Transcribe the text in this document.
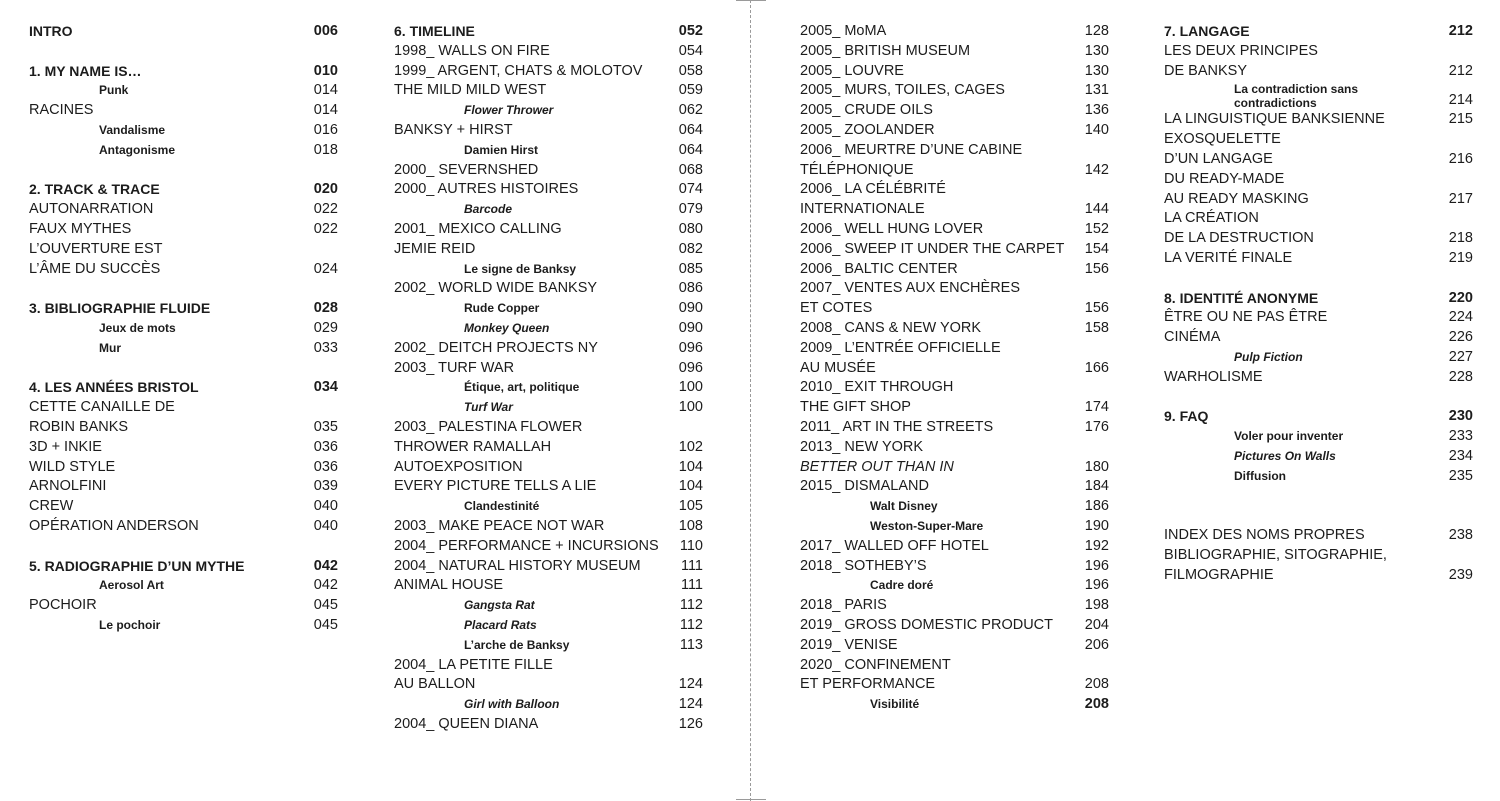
INTRO	006
1. MY NAME IS…	010
Punk	014
RACINES	014
Vandalisme	016
Antagonisme	018
2. TRACK & TRACE	020
AUTONARRATION	022
FAUX MYTHES	022
L’OUVERTURE EST
L’ÂME DU SUCCÈS	024
3. BIBLIOGRAPHIE FLUIDE	028
Jeux de mots	029
Mur	033
4. LES ANNÉES BRISTOL	034
CETTE CANAILLE DE
ROBIN BANKS	035
3D + INKIE	036
WILD STYLE	036
ARNOLFINI	039
CREW	040
OPÉRATION ANDERSON	040
5. RADIOGRAPHIE D’UN MYTHE	042
Aerosol Art	042
POCHOIR	045
Le pochoir	045
6. TIMELINE	052
1998_ WALLS ON FIRE	054
1999_ ARGENT, CHATS & MOLOTOV	058
THE MILD MILD WEST	059
Flower Thrower	062
BANKSY + HIRST	064
Damien Hirst	064
2000_ SEVERNSHED	068
2000_ AUTRES HISTOIRES	074
Barcode	079
2001_ MEXICO CALLING	080
JEMIE REID	082
Le signe de Banksy	085
2002_ WORLD WIDE BANKSY	086
Rude Copper	090
Monkey Queen	090
2002_ DEITCH PROJECTS NY	096
2003_ TURF WAR	096
Étique, art, politique	100
Turf War	100
2003_ PALESTINA FLOWER
THROWER RAMALLAH	102
AUTOEXPOSITION	104
EVERY PICTURE TELLS A LIE	104
Clandestinité	105
2003_ MAKE PEACE NOT WAR	108
2004_ PERFORMANCE + INCURSIONS 110
2004_ NATURAL HISTORY MUSEUM	111
ANIMAL HOUSE	111
Gangsta Rat	112
Placard Rats	112
L’arche de Banksy	113
2004_ LA PETITE FILLE
AU BALLON	124
Girl with Balloon	124
2004_ QUEEN DIANA	126
2005_ MoMA	128
2005_ BRITISH MUSEUM	130
2005_ LOUVRE	130
2005_ MURS, TOILES, CAGES	131
2005_ CRUDE OILS	136
2005_ ZOOLANDER	140
2006_ MEURTRE D’UNE CABINE
TÉLÉPHONIQUE	142
2006_ LA CÉLÉBRITÉ
INTERNATIONALE	144
2006_ WELL HUNG LOVER	152
2006_ SWEEP IT UNDER THE CARPET 154
2006_ BALTIC CENTER	156
2007_ VENTES AUX ENCHÈRES
ET COTES	156
2008_ CANS & NEW YORK	158
2009_ L’ENTRÉE OFFICIELLE
AU MUSÉE	166
2010_ EXIT THROUGH
THE GIFT SHOP	174
2011_ ART IN THE STREETS	176
2013_ NEW YORK
BETTER OUT THAN IN	180
2015_ DISMALAND	184
Walt Disney	186
Weston-Super-Mare	190
2017_ WALLED OFF HOTEL	192
2018_ SOTHEBY’S	196
Cadre doré	196
2018_ PARIS	198
2019_ GROSS DOMESTIC PRODUCT 204
2019_ VENISE	206
2020_ CONFINEMENT
ET PERFORMANCE	208
Visibilité	208
7. LANGAGE	212
LES DEUX PRINCIPES
DE BANKSY	212
La contradiction sans contradictions	214
LA LINGUISTIQUE BANKSIENNE	215
EXOSQUELETTE
D’UN LANGAGE	216
DU READY-MADE
AU READY MASKING	217
LA CRÉATION
DE LA DESTRUCTION	218
LA VERITÉ FINALE	219
8. IDENTITÉ ANONYME	220
ÊTRE OU NE PAS ÊTRE	224
CINÉMA	226
Pulp Fiction	227
WARHOLISME	228
9. FAQ	230
Voler pour inventer	233
Pictures On Walls	234
Diffusion	235
INDEX DES NOMS PROPRES	238
BIBLIOGRAPHIE, SITOGRAPHIE,
FILMOGRAPHIE	239
